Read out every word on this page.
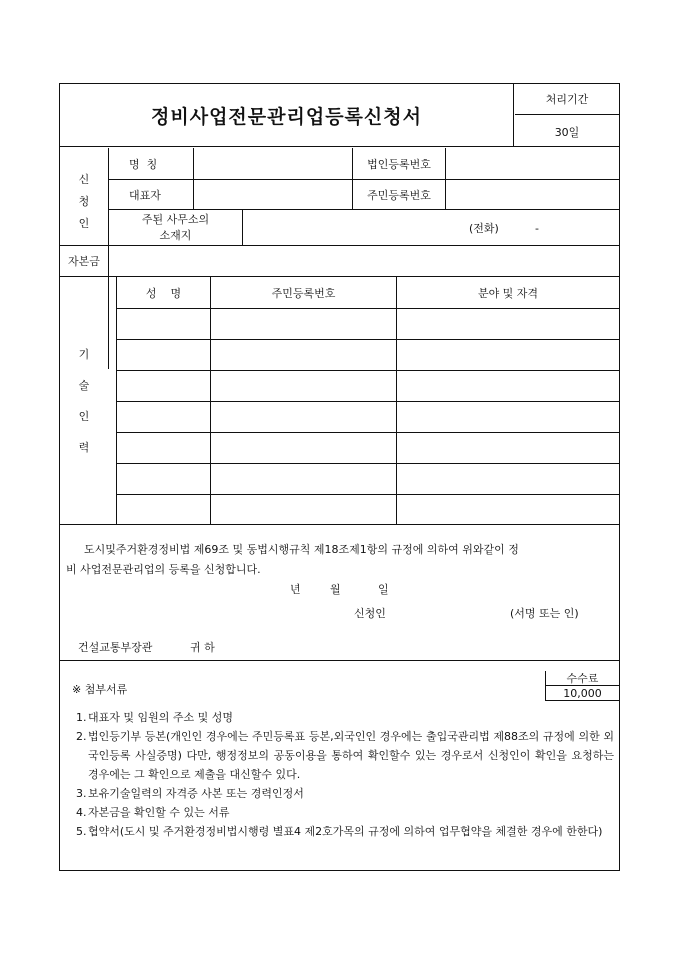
정비사업전문관리업등록신청서
처리기간
30일
신
청
인
명  칭	법인등록번호
대표자	주민등록번호
주된 사무소의
소재지	(전화)	-
자본금
기
술
인
력
성    명	주민등록번호	분야 및 자격

도시및주거환경정비법 제69조 및 동법시행규칙 제18조제1항의 규정에 의하여 위와같이 정

비 사업전문관리업의 등록을 신청합니다.

년	월	일

신청인	(서명 또는 인)

건설교통부장관	귀 하

※ 첨부서류
수수료
10,000
1. 대표자 및 임원의 주소 및 성명
2. 법인등기부 등본(개인인 경우에는 주민등록표 등본,외국인인 경우에는 출입국관리법 제88조의 규정에 의한 외국인등록 사실증명) 다만, 행정정보의 공동이용을 통하여 확인할수 있는 경우로서 신청인이 확인을 요청하는 경우에는 그 확인으로 제출을 대신할수 있다.
3. 보유기술일력의 자격증 사본 또는 경력인정서
4. 자본금을 확인할 수 있는 서류
5. 협약서(도시 및 주거환경정비법시행령 별표4 제2호가목의 규정에 의하여 업무협약을 체결한 경우에 한한다)
